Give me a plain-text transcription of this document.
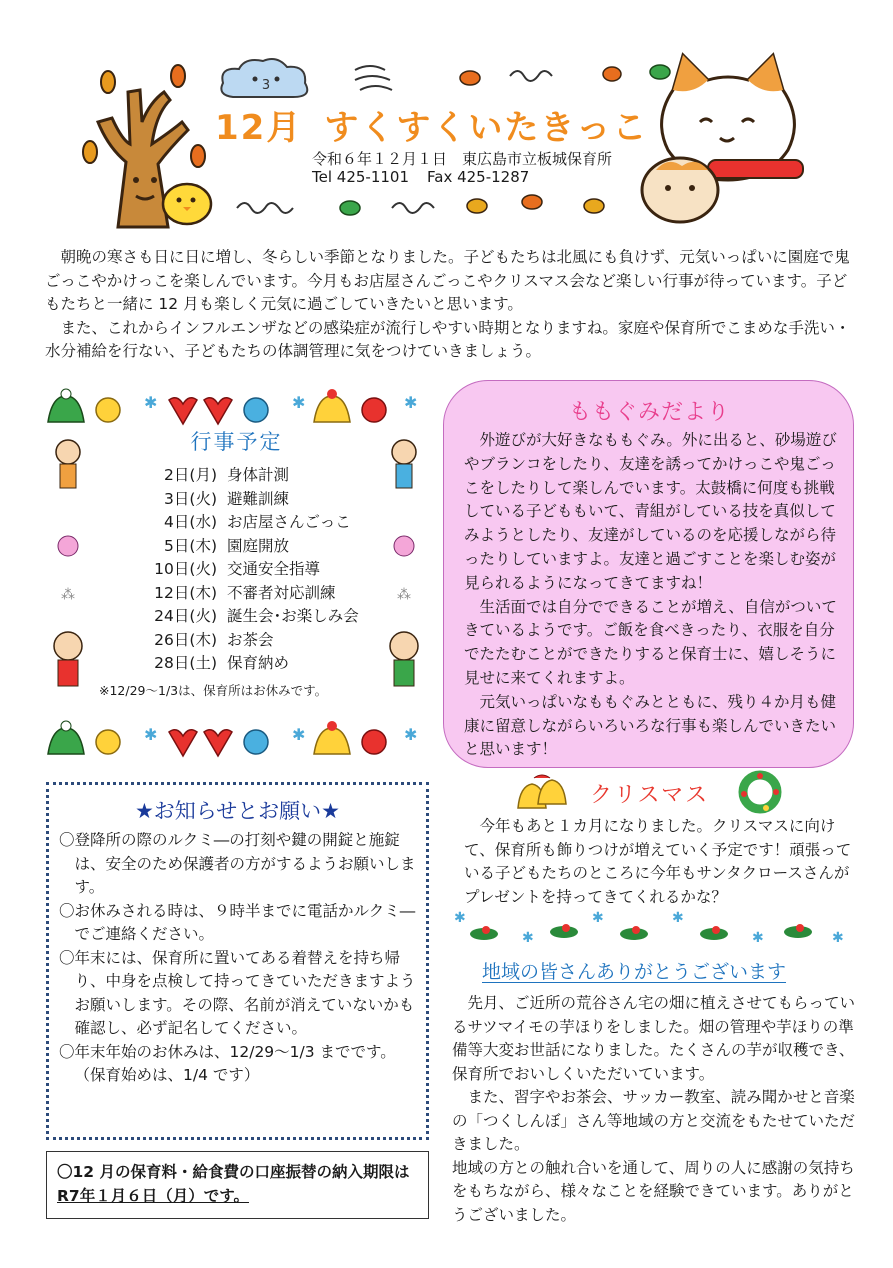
3
12月 すくすくいたきっこ
令和６年１２月１日　東広島市立板城保育所
Tel 425-1101 Fax 425-1287

朝晩の寒さも日に日に増し、冬らしい季節となりました。子どもたちは北風にも負けず、元気いっぱいに園庭で鬼ごっこやかけっこを楽しんでいます。今月もお店屋さんごっこやクリスマス会など楽しい行事が待っています。子どもたちと一緒に 12 月も楽しく元気に過ごしていきたいと思います。

また、これからインフルエンザなどの感染症が流行しやすい時期となりますね。家庭や保育所でこまめな手洗い・水分補給を行ない、子どもたちの体調管理に気をつけていきましょう。

✱	✱	✱
✱	✱	✱
⁂	⁂
行事予定
2日(月) 身体計測
3日(火) 避難訓練
4日(水) お店屋さんごっこ
5日(木) 園庭開放
10日(火) 交通安全指導
12日(木) 不審者対応訓練
24日(火) 誕生会･お楽しみ会
26日(木) お茶会
28日(土) 保育納め
※12/29～1/3は、保育所はお休みです。
ももぐみだより

外遊びが大好きなももぐみ。外に出ると、砂場遊びやブランコをしたり、友達を誘ってかけっこや鬼ごっこをしたりして楽しんでいます。太鼓橋に何度も挑戦している子どももいて、青組がしている技を真似してみようとしたり、友達がしているのを応援しながら待ったりしていますよ。友達と過ごすことを楽しむ姿が見られるようになってきてますね！

生活面では自分でできることが増え、自信がついてきているようです。ご飯を食べきったり、衣服を自分でたたむことができたりすると保育士に、嬉しそうに見せに来てくれますよ。

元気いっぱいなももぐみとともに、残り４か月も健康に留意しながらいろいろな行事も楽しんでいきたいと思います！

★お知らせとお願い★
〇登降所の際のルクミ―の打刻や鍵の開錠と施錠は、安全のため保護者の方がするようお願いします。
〇お休みされる時は、９時半までに電話かルクミ―でご連絡ください。
〇年末には、保育所に置いてある着替えを持ち帰り、中身を点検して持ってきていただきますようお願いします。その際、名前が消えていないかも確認し、必ず記名してください。
〇年末年始のお休みは、12/29～1/3 までです。（保育始めは、1/4 です）
〇12 月の保育料・給食費の口座振替の納入期限は R7年１月６日（月）です。
クリスマス

今年もあと１カ月になりました。クリスマスに向けて、保育所も飾りつけが増えていく予定です！頑張っている子どもたちのところに今年もサンタクロースさんがプレゼントを持ってきてくれるかな？

✱
✱
✱	✱
✱	✱
地域の皆さんありがとうございます

先月、ご近所の荒谷さん宅の畑に植えさせてもらっているサツマイモの芋ほりをしました。畑の管理や芋ほりの準備等大変お世話になりました。たくさんの芋が収穫でき、保育所でおいしくいただいています。

また、習字やお茶会、サッカー教室、読み聞かせと音楽の「つくしんぼ」さん等地域の方と交流をもたせていただきました。

地域の方との触れ合いを通して、周りの人に感謝の気持ちをもちながら、様々なことを経験できています。ありがとうございました。
